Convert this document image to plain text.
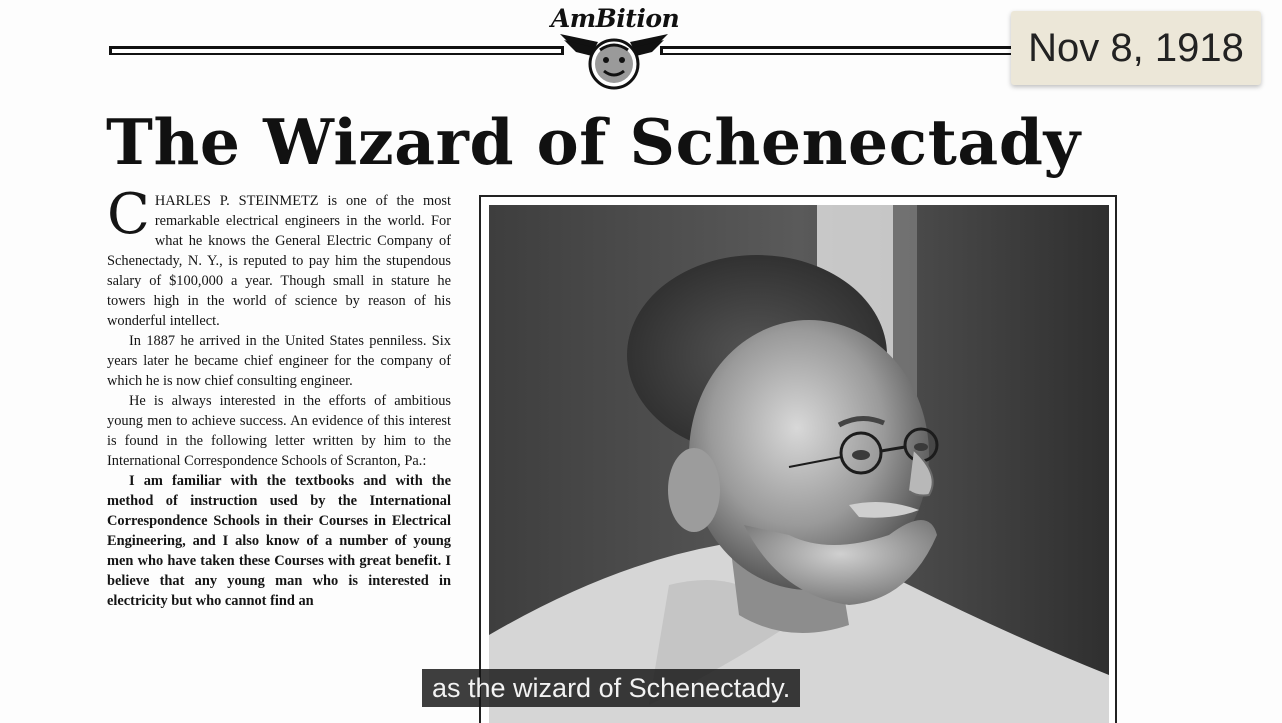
AmBition
Nov 8, 1918
The Wizard of Schenectady

CHARLES P. STEINMETZ is one of the most remarkable electrical engineers in the world. For what he knows the General Electric Company of Schenectady, N. Y., is reputed to pay him the stupendous salary of $100,000 a year. Though small in stature he towers high in the world of science by reason of his wonderful intellect.

In 1887 he arrived in the United States penniless. Six years later he became chief engineer for the company of which he is now chief consulting engineer.

He is always interested in the efforts of ambitious young men to achieve success. An evidence of this interest is found in the following letter written by him to the International Correspondence Schools of Scranton, Pa.:

I am familiar with the textbooks and with the method of instruction used by the International Correspondence Schools in their Courses in Electrical Engineering, and I also know of a number of young men who have taken these Courses with great benefit. I believe that any young man who is interested in electricity but who cannot find an

as the wizard of Schenectady.
